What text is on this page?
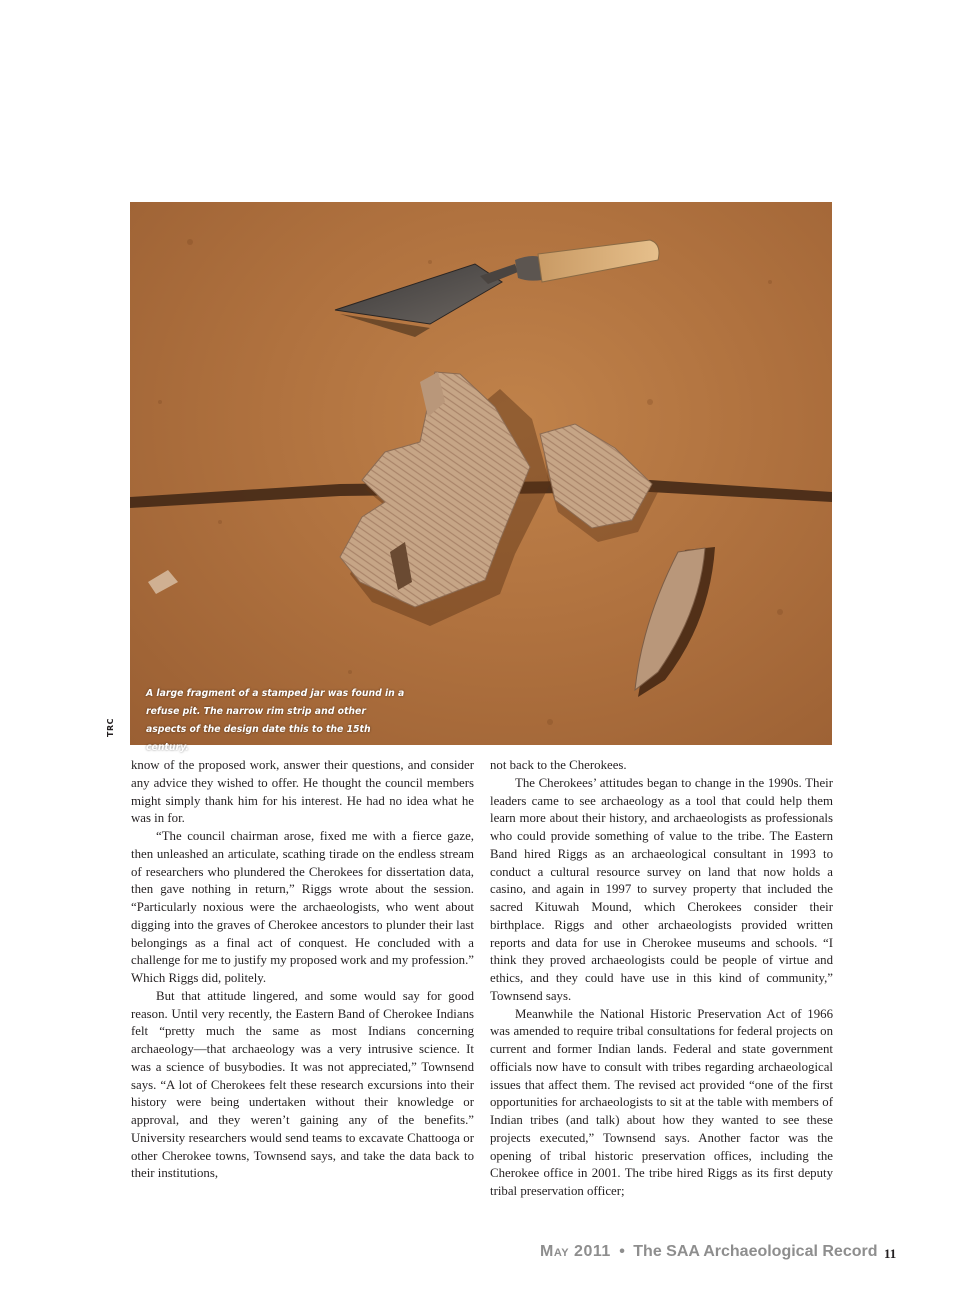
A large fragment of a stamped jar was found in a refuse pit. The narrow rim strip and other aspects of the design date this to the 15th century.
TRC

know of the proposed work, answer their questions, and consider any advice they wished to offer. He thought the council members might simply thank him for his interest. He had no idea what he was in for.

“The council chairman arose, fixed me with a fierce gaze, then unleashed an articulate, scathing tirade on the endless stream of researchers who plundered the Cherokees for dissertation data, then gave nothing in return,” Riggs wrote about the session. “Particularly noxious were the archaeologists, who went about digging into the graves of Cherokee ancestors to plunder their last belongings as a final act of conquest. He concluded with a challenge for me to justify my proposed work and my profession.” Which Riggs did, politely.

But that attitude lingered, and some would say for good reason. Until very recently, the Eastern Band of Cherokee Indians felt “pretty much the same as most Indians concerning archaeology—that archaeology was a very intrusive science. It was a science of busybodies. It was not appreciated,” Townsend says. “A lot of Cherokees felt these research excursions into their history were being undertaken without their knowledge or approval, and they weren’t gaining any of the benefits.” University researchers would send teams to excavate Chattooga or other Cherokee towns, Townsend says, and take the data back to their institutions,

not back to the Cherokees.

The Cherokees’ attitudes began to change in the 1990s. Their leaders came to see archaeology as a tool that could help them learn more about their history, and archaeologists as professionals who could provide something of value to the tribe. The Eastern Band hired Riggs as an archaeological consultant in 1993 to conduct a cultural resource survey on land that now holds a casino, and again in 1997 to survey property that included the sacred Kituwah Mound, which Cherokees consider their birthplace. Riggs and other archaeologists provided written reports and data for use in Cherokee museums and schools. “I think they proved archaeologists could be people of virtue and ethics, and they could have use in this kind of community,” Townsend says.

Meanwhile the National Historic Preservation Act of 1966 was amended to require tribal consultations for federal projects on current and former Indian lands. Federal and state government officials now have to consult with tribes regarding archaeological issues that affect them. The revised act provided “one of the first opportunities for archaeologists to sit at the table with members of Indian tribes (and talk) about how they wanted to see these projects executed,” Townsend says. Another factor was the opening of tribal historic preservation offices, including the Cherokee office in 2001. The tribe hired Riggs as its first deputy tribal preservation officer;

May 2011 • The SAA Archaeological Record 11
